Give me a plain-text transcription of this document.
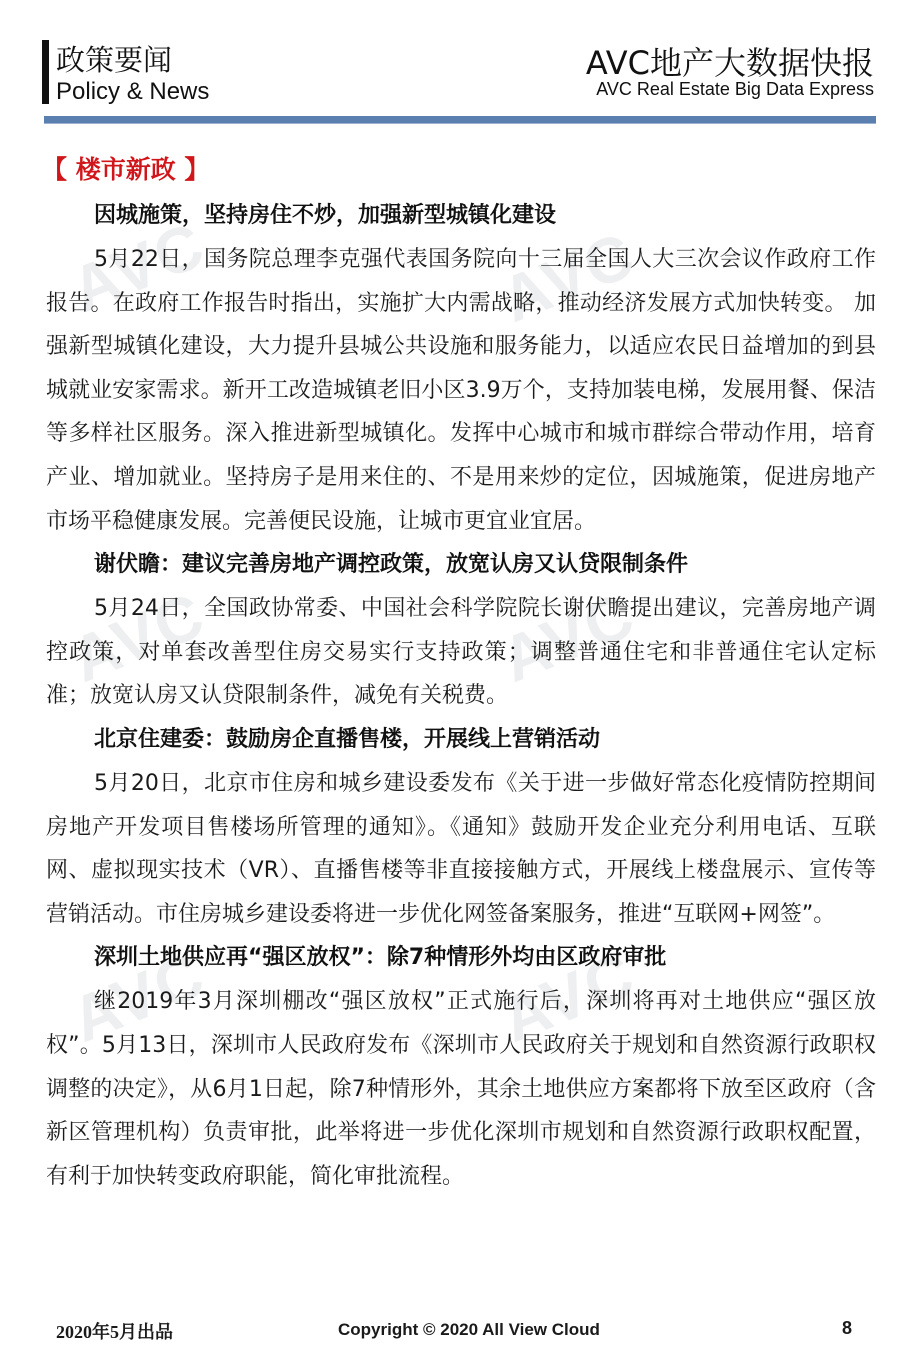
政策要闻
Policy & News
AVC地产大数据快报
AVC Real Estate Big Data Express
AVC	AVC
AVC	AVC
AVC	AVC
【 楼市新政 】
因城施策，坚持房住不炒，加强新型城镇化建设

5月22日，国务院总理李克强代表国务院向十三届全国人大三次会议作政府工作报告。在政府工作报告时指出，实施扩大内需战略，推动经济发展方式加快转变。 加强新型城镇化建设，大力提升县城公共设施和服务能力，以适应农民日益增加的到县城就业安家需求。新开工改造城镇老旧小区3.9万个，支持加装电梯，发展用餐、保洁等多样社区服务。深入推进新型城镇化。发挥中心城市和城市群综合带动作用，培育产业、增加就业。坚持房子是用来住的、不是用来炒的定位，因城施策，促进房地产市场平稳健康发展。完善便民设施，让城市更宜业宜居。

谢伏瞻：建议完善房地产调控政策，放宽认房又认贷限制条件

5月24日，全国政协常委、中国社会科学院院长谢伏瞻提出建议，完善房地产调控政策，对单套改善型住房交易实行支持政策；调整普通住宅和非普通住宅认定标准；放宽认房又认贷限制条件，减免有关税费。

北京住建委：鼓励房企直播售楼，开展线上营销活动

5月20日，北京市住房和城乡建设委发布《关于进一步做好常态化疫情防控期间房地产开发项目售楼场所管理的通知》。《通知》鼓励开发企业充分利用电话、互联网、虚拟现实技术（VR）、直播售楼等非直接接触方式，开展线上楼盘展示、宣传等营销活动。市住房城乡建设委将进一步优化网签备案服务，推进“互联网+网签”。

深圳土地供应再“强区放权”：除7种情形外均由区政府审批

继2019年3月深圳棚改“强区放权”正式施行后，深圳将再对土地供应“强区放权”。5月13日，深圳市人民政府发布《深圳市人民政府关于规划和自然资源行政职权调整的决定》，从6月1日起，除7种情形外，其余土地供应方案都将下放至区政府（含新区管理机构）负责审批，此举将进一步优化深圳市规划和自然资源行政职权配置，有利于加快转变政府职能，简化审批流程。

2020年5月出品	Copyright © 2020 All View Cloud	8
